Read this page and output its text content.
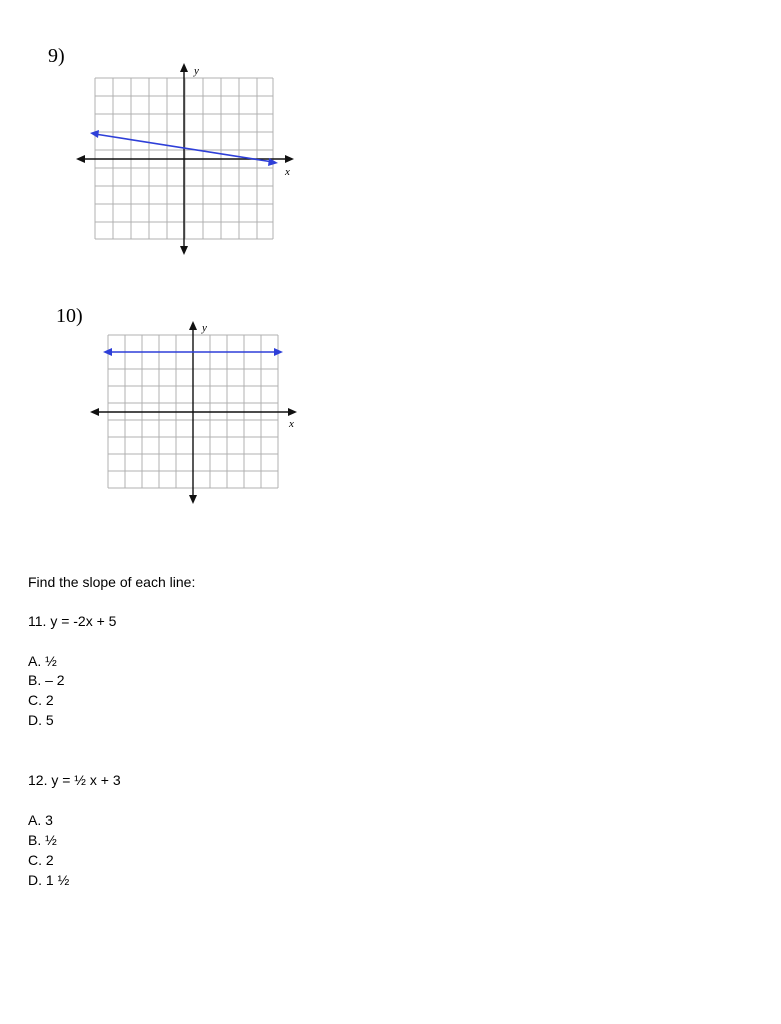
9)
y
x
10)
y
x
Find the slope of each line:
11. y = -2x + 5
A. ½
B. – 2
C. 2
D. 5
12. y = ½ x + 3
A. 3
B. ½
C. 2
D. 1 ½
